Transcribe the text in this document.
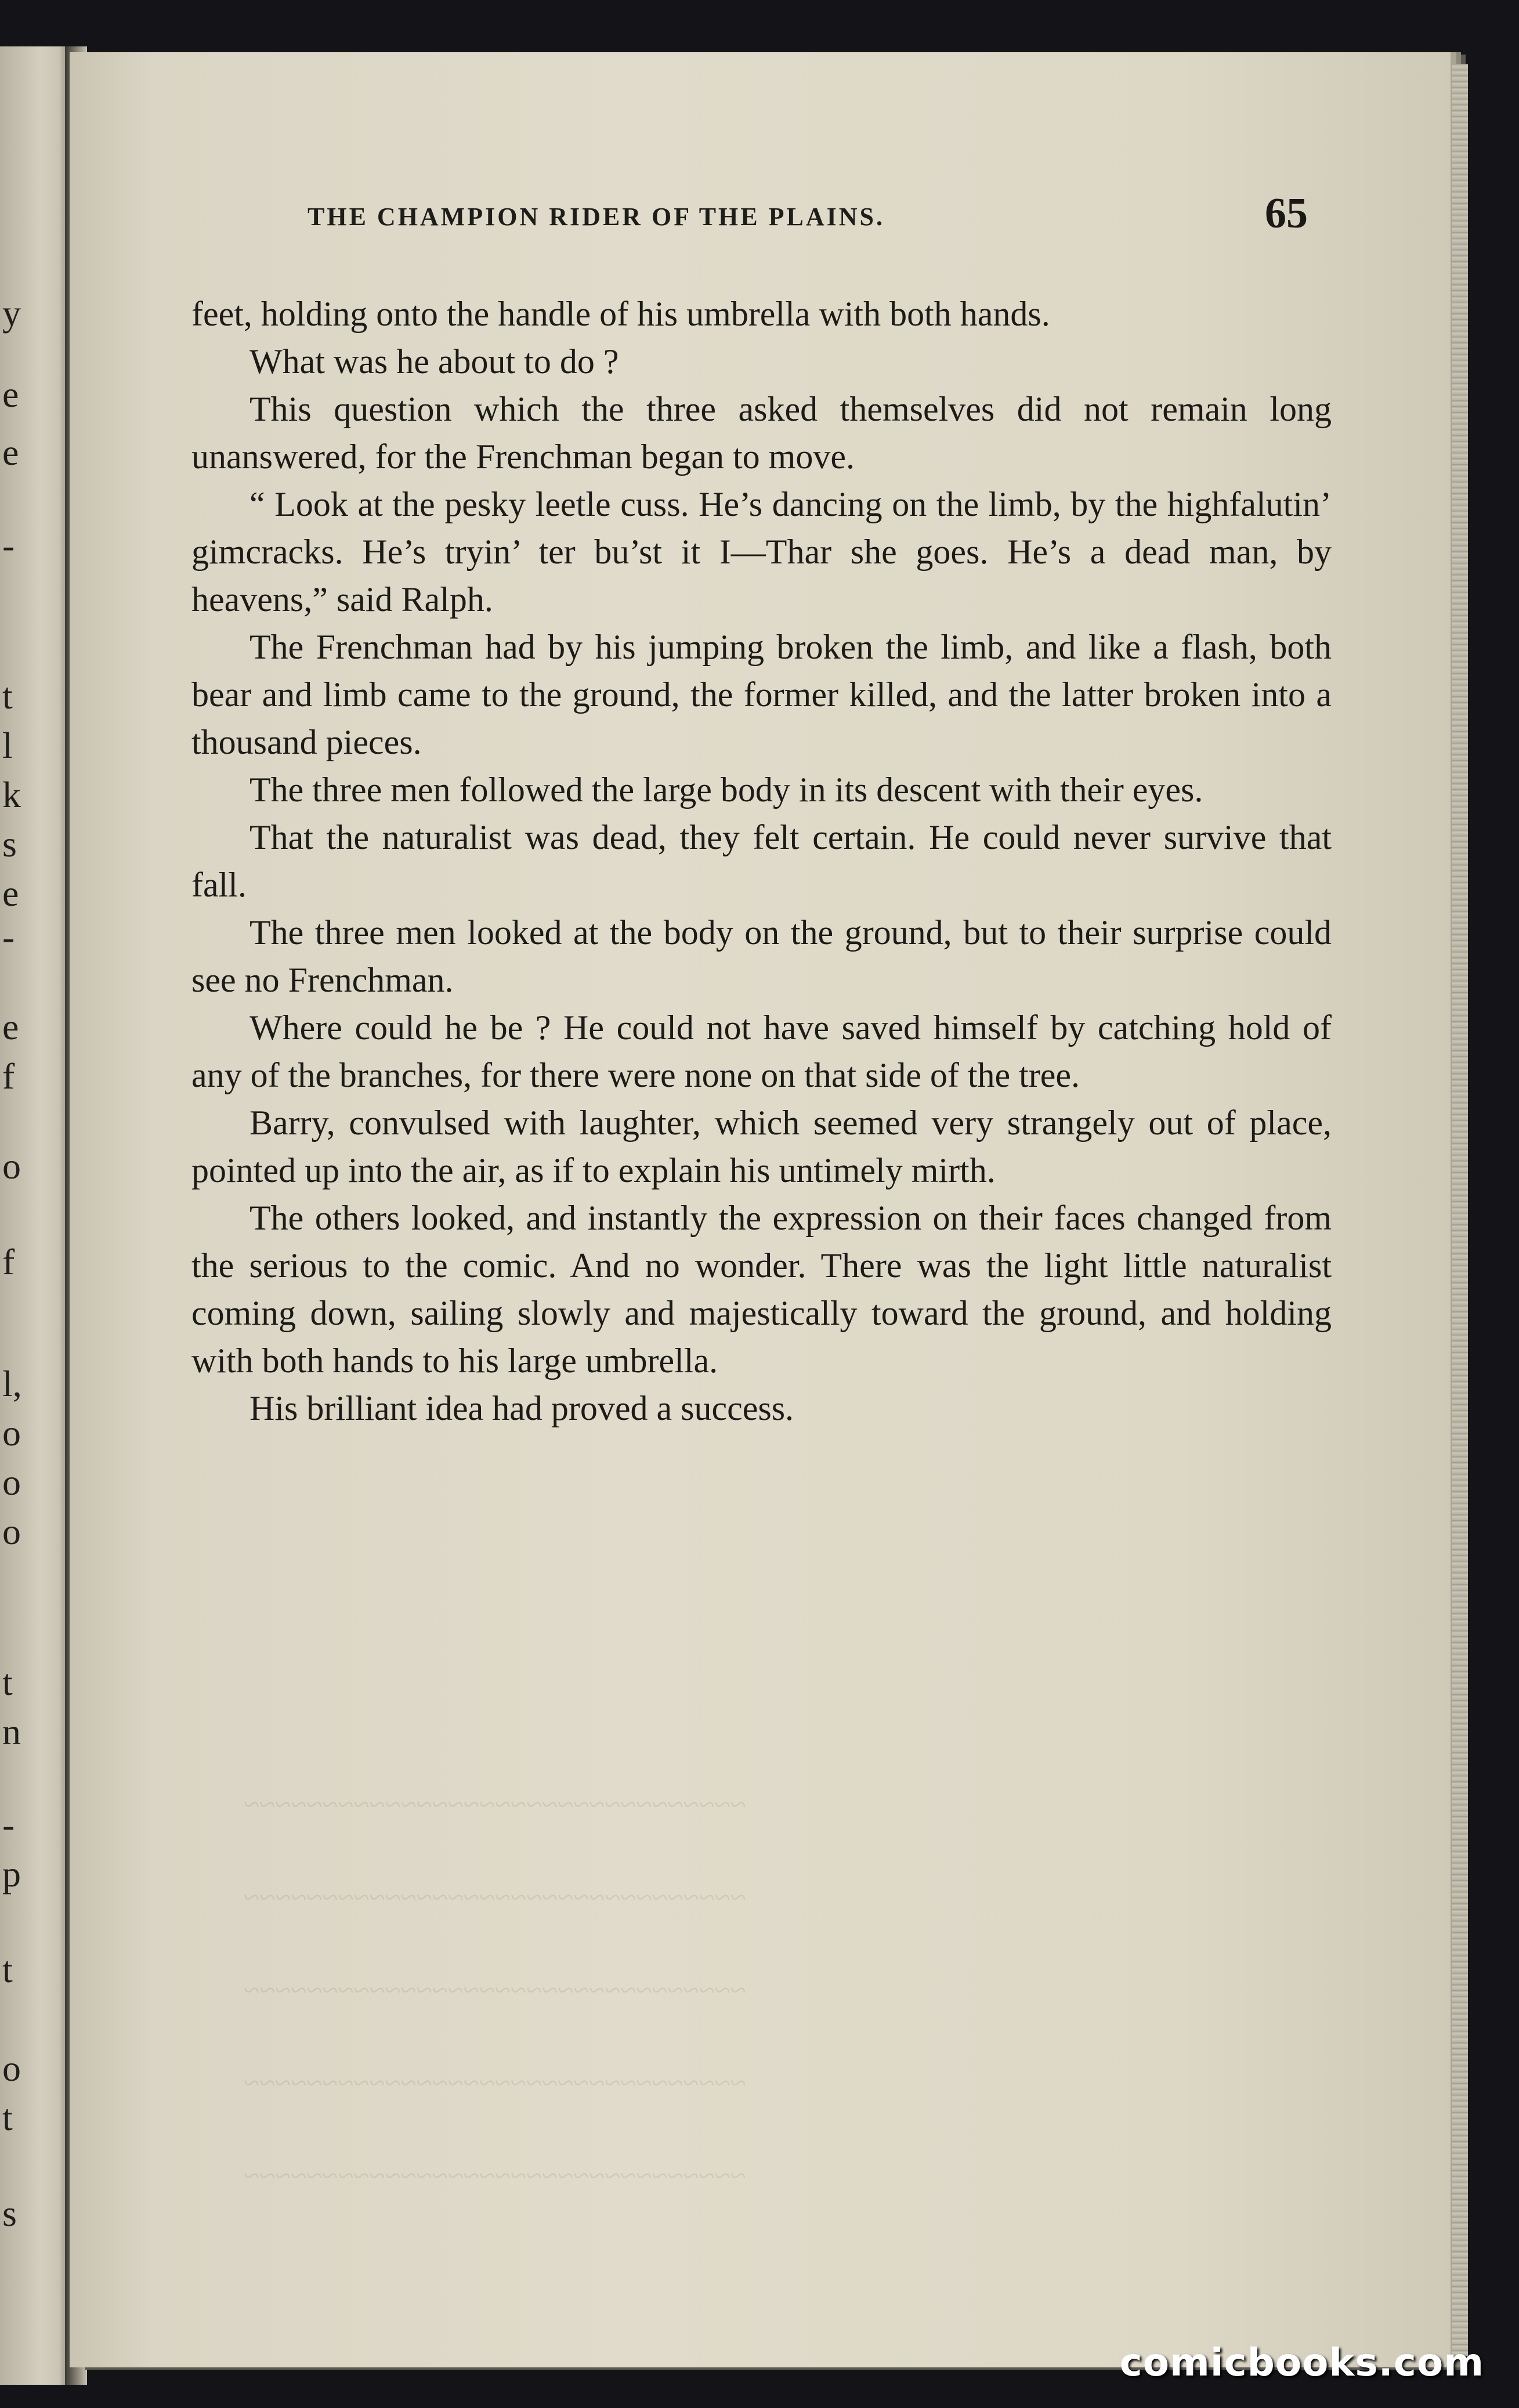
y
e
e
-
t
l
k
s
e
-
e
f
o
f
l,
o
o
o
t
n
-
p
t
o
t
s
~~~~~~~~~~~~~~~~~~~~~~~~~~~~~~~~
~~~~~~~~~~~~~~~~~~~~~~~~~~~~~~~~
~~~~~~~~~~~~~~~~~~~~~~~~~~~~~~~~
~~~~~~~~~~~~~~~~~~~~~~~~~~~~~~~~
~~~~~~~~~~~~~~~~~~~~~~~~~~~~~~~~
THE CHAMPION RIDER OF THE PLAINS.	65

feet, holding onto the handle of his umbrella with both hands.

What was he about to do ?

This question which the three asked themselves did not remain long unanswered, for the Frenchman began to move.

“ Look at the pesky leetle cuss. He’s dancing on the limb, by the highfalutin’ gimcracks. He’s tryin’ ter bu’st it I—Thar she goes. He’s a dead man, by heavens,” said Ralph.

The Frenchman had by his jumping broken the limb, and like a flash, both bear and limb came to the ground, the former killed, and the latter broken into a thousand pieces.

The three men followed the large body in its descent with their eyes.

That the naturalist was dead, they felt certain. He could never survive that fall.

The three men looked at the body on the ground, but to their surprise could see no Frenchman.

Where could he be ? He could not have saved himself by catching hold of any of the branches, for there were none on that side of the tree.

Barry, convulsed with laughter, which seemed very strangely out of place, pointed up into the air, as if to explain his untimely mirth.

The others looked, and instantly the expression on their faces changed from the serious to the comic. And no wonder. There was the light little naturalist coming down, sailing slowly and majestically toward the ground, and holding with both hands to his large umbrella.

His brilliant idea had proved a success.

comicbooks.com
